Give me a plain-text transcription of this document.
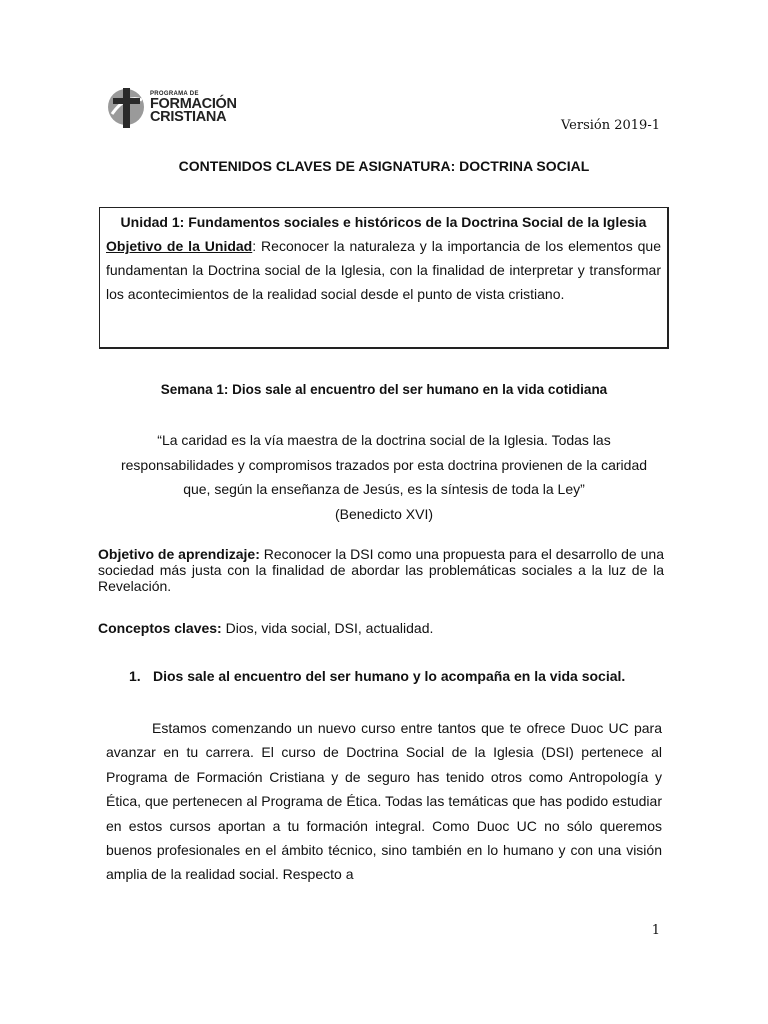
PROGRAMA DE
FORMACIÓN
CRISTIANA
Versión 2019-1
CONTENIDOS CLAVES DE ASIGNATURA: DOCTRINA SOCIAL
Unidad 1: Fundamentos sociales e históricos de la Doctrina Social de la Iglesia
Objetivo de la Unidad: Reconocer la naturaleza y la importancia de los elementos que fundamentan la Doctrina social de la Iglesia, con la finalidad de interpretar y transformar los acontecimientos de la realidad social desde el punto de vista cristiano.
Semana 1: Dios sale al encuentro del ser humano en la vida cotidiana
“La caridad es la vía maestra de la doctrina social de la Iglesia. Todas las responsabilidades y compromisos trazados por esta doctrina provienen de la caridad que, según la enseñanza de Jesús, es la síntesis de toda la Ley”
(Benedicto XVI)
Objetivo de aprendizaje: Reconocer la DSI como una propuesta para el desarrollo de una sociedad más justa con la finalidad de abordar las problemáticas sociales a la luz de la Revelación.
Conceptos claves: Dios, vida social, DSI, actualidad.
1. Dios sale al encuentro del ser humano y lo acompaña en la vida social.
Estamos comenzando un nuevo curso entre tantos que te ofrece Duoc UC para avanzar en tu carrera. El curso de Doctrina Social de la Iglesia (DSI) pertenece al Programa de Formación Cristiana y de seguro has tenido otros como Antropología y Ética, que pertenecen al Programa de Ética. Todas las temáticas que has podido estudiar en estos cursos aportan a tu formación integral. Como Duoc UC no sólo queremos buenos profesionales en el ámbito técnico, sino también en lo humano y con una visión amplia de la realidad social. Respecto a
1
